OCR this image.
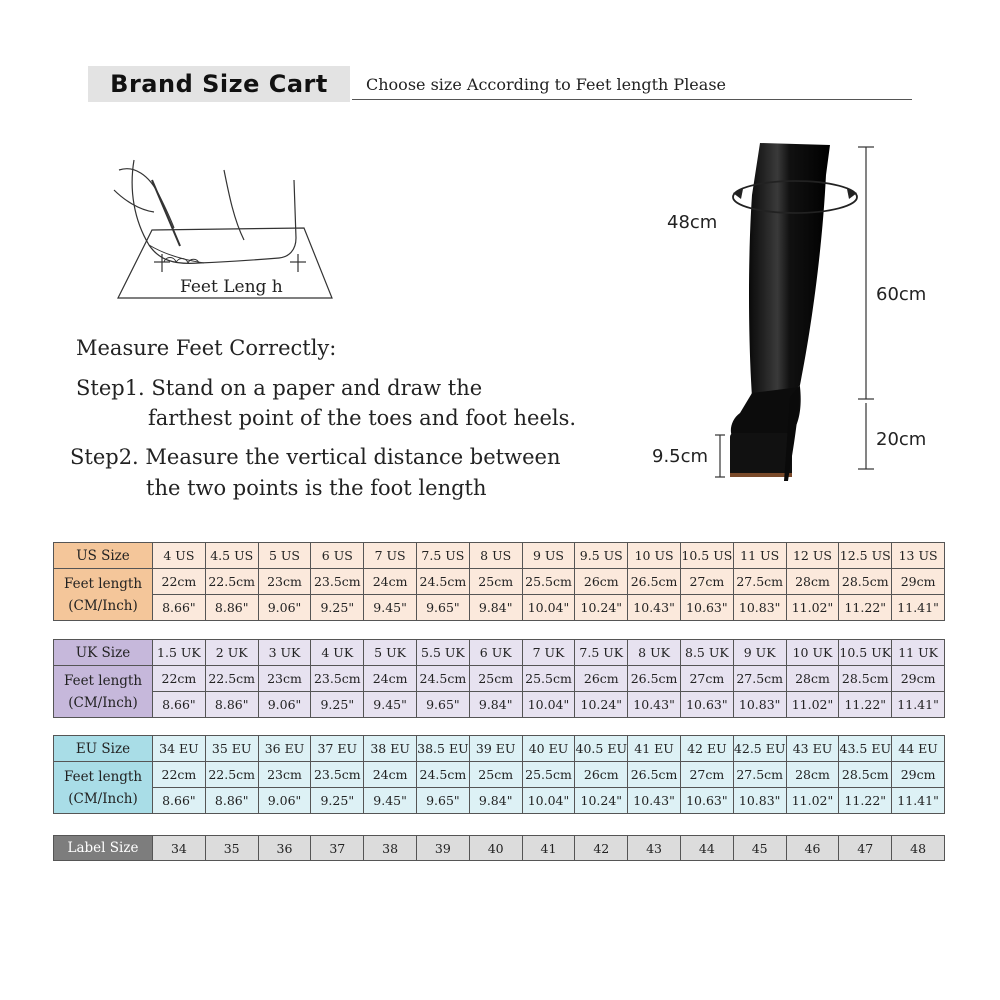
Brand Size Cart	Choose size According to Feet length Please
Feet Leng h
Measure Feet Correctly:
Step1. Stand on a paper and draw the
farthest point of the toes and foot heels.
Step2. Measure the vertical distance between
the two points is the foot length
48cm
60cm
20cm
9.5cm
US Size	4 US	4.5 US	5 US	6 US	7 US	7.5 US	8 US	9 US	9.5 US	10 US	10.5 US	11 US	12 US	12.5 US	13 US

Feet length
(CM/Inch)	22cm	22.5cm	23cm	23.5cm	24cm	24.5cm	25cm	25.5cm	26cm	26.5cm	27cm	27.5cm	28cm	28.5cm	29cm
	8.66"	8.86"	9.06"	9.25"	9.45"	9.65"	9.84"	10.04"	10.24"	10.43"	10.63"	10.83"	11.02"	11.22"	11.41"
UK Size	1.5 UK	2 UK	3 UK	4 UK	5 UK	5.5 UK	6 UK	7 UK	7.5 UK	8 UK	8.5 UK	9 UK	10 UK	10.5 UK	11 UK

Feet length
(CM/Inch)	22cm	22.5cm	23cm	23.5cm	24cm	24.5cm	25cm	25.5cm	26cm	26.5cm	27cm	27.5cm	28cm	28.5cm	29cm
	8.66"	8.86"	9.06"	9.25"	9.45"	9.65"	9.84"	10.04"	10.24"	10.43"	10.63"	10.83"	11.02"	11.22"	11.41"
EU Size	34 EU	35 EU	36 EU	37 EU	38 EU	38.5 EU	39 EU	40 EU	40.5 EU	41 EU	42 EU	42.5 EU	43 EU	43.5 EU	44 EU

Feet length
(CM/Inch)	22cm	22.5cm	23cm	23.5cm	24cm	24.5cm	25cm	25.5cm	26cm	26.5cm	27cm	27.5cm	28cm	28.5cm	29cm
	8.66"	8.86"	9.06"	9.25"	9.45"	9.65"	9.84"	10.04"	10.24"	10.43"	10.63"	10.83"	11.02"	11.22"	11.41"
Label Size	34	35	36	37	38	39	40	41	42	43	44	45	46	47	48
